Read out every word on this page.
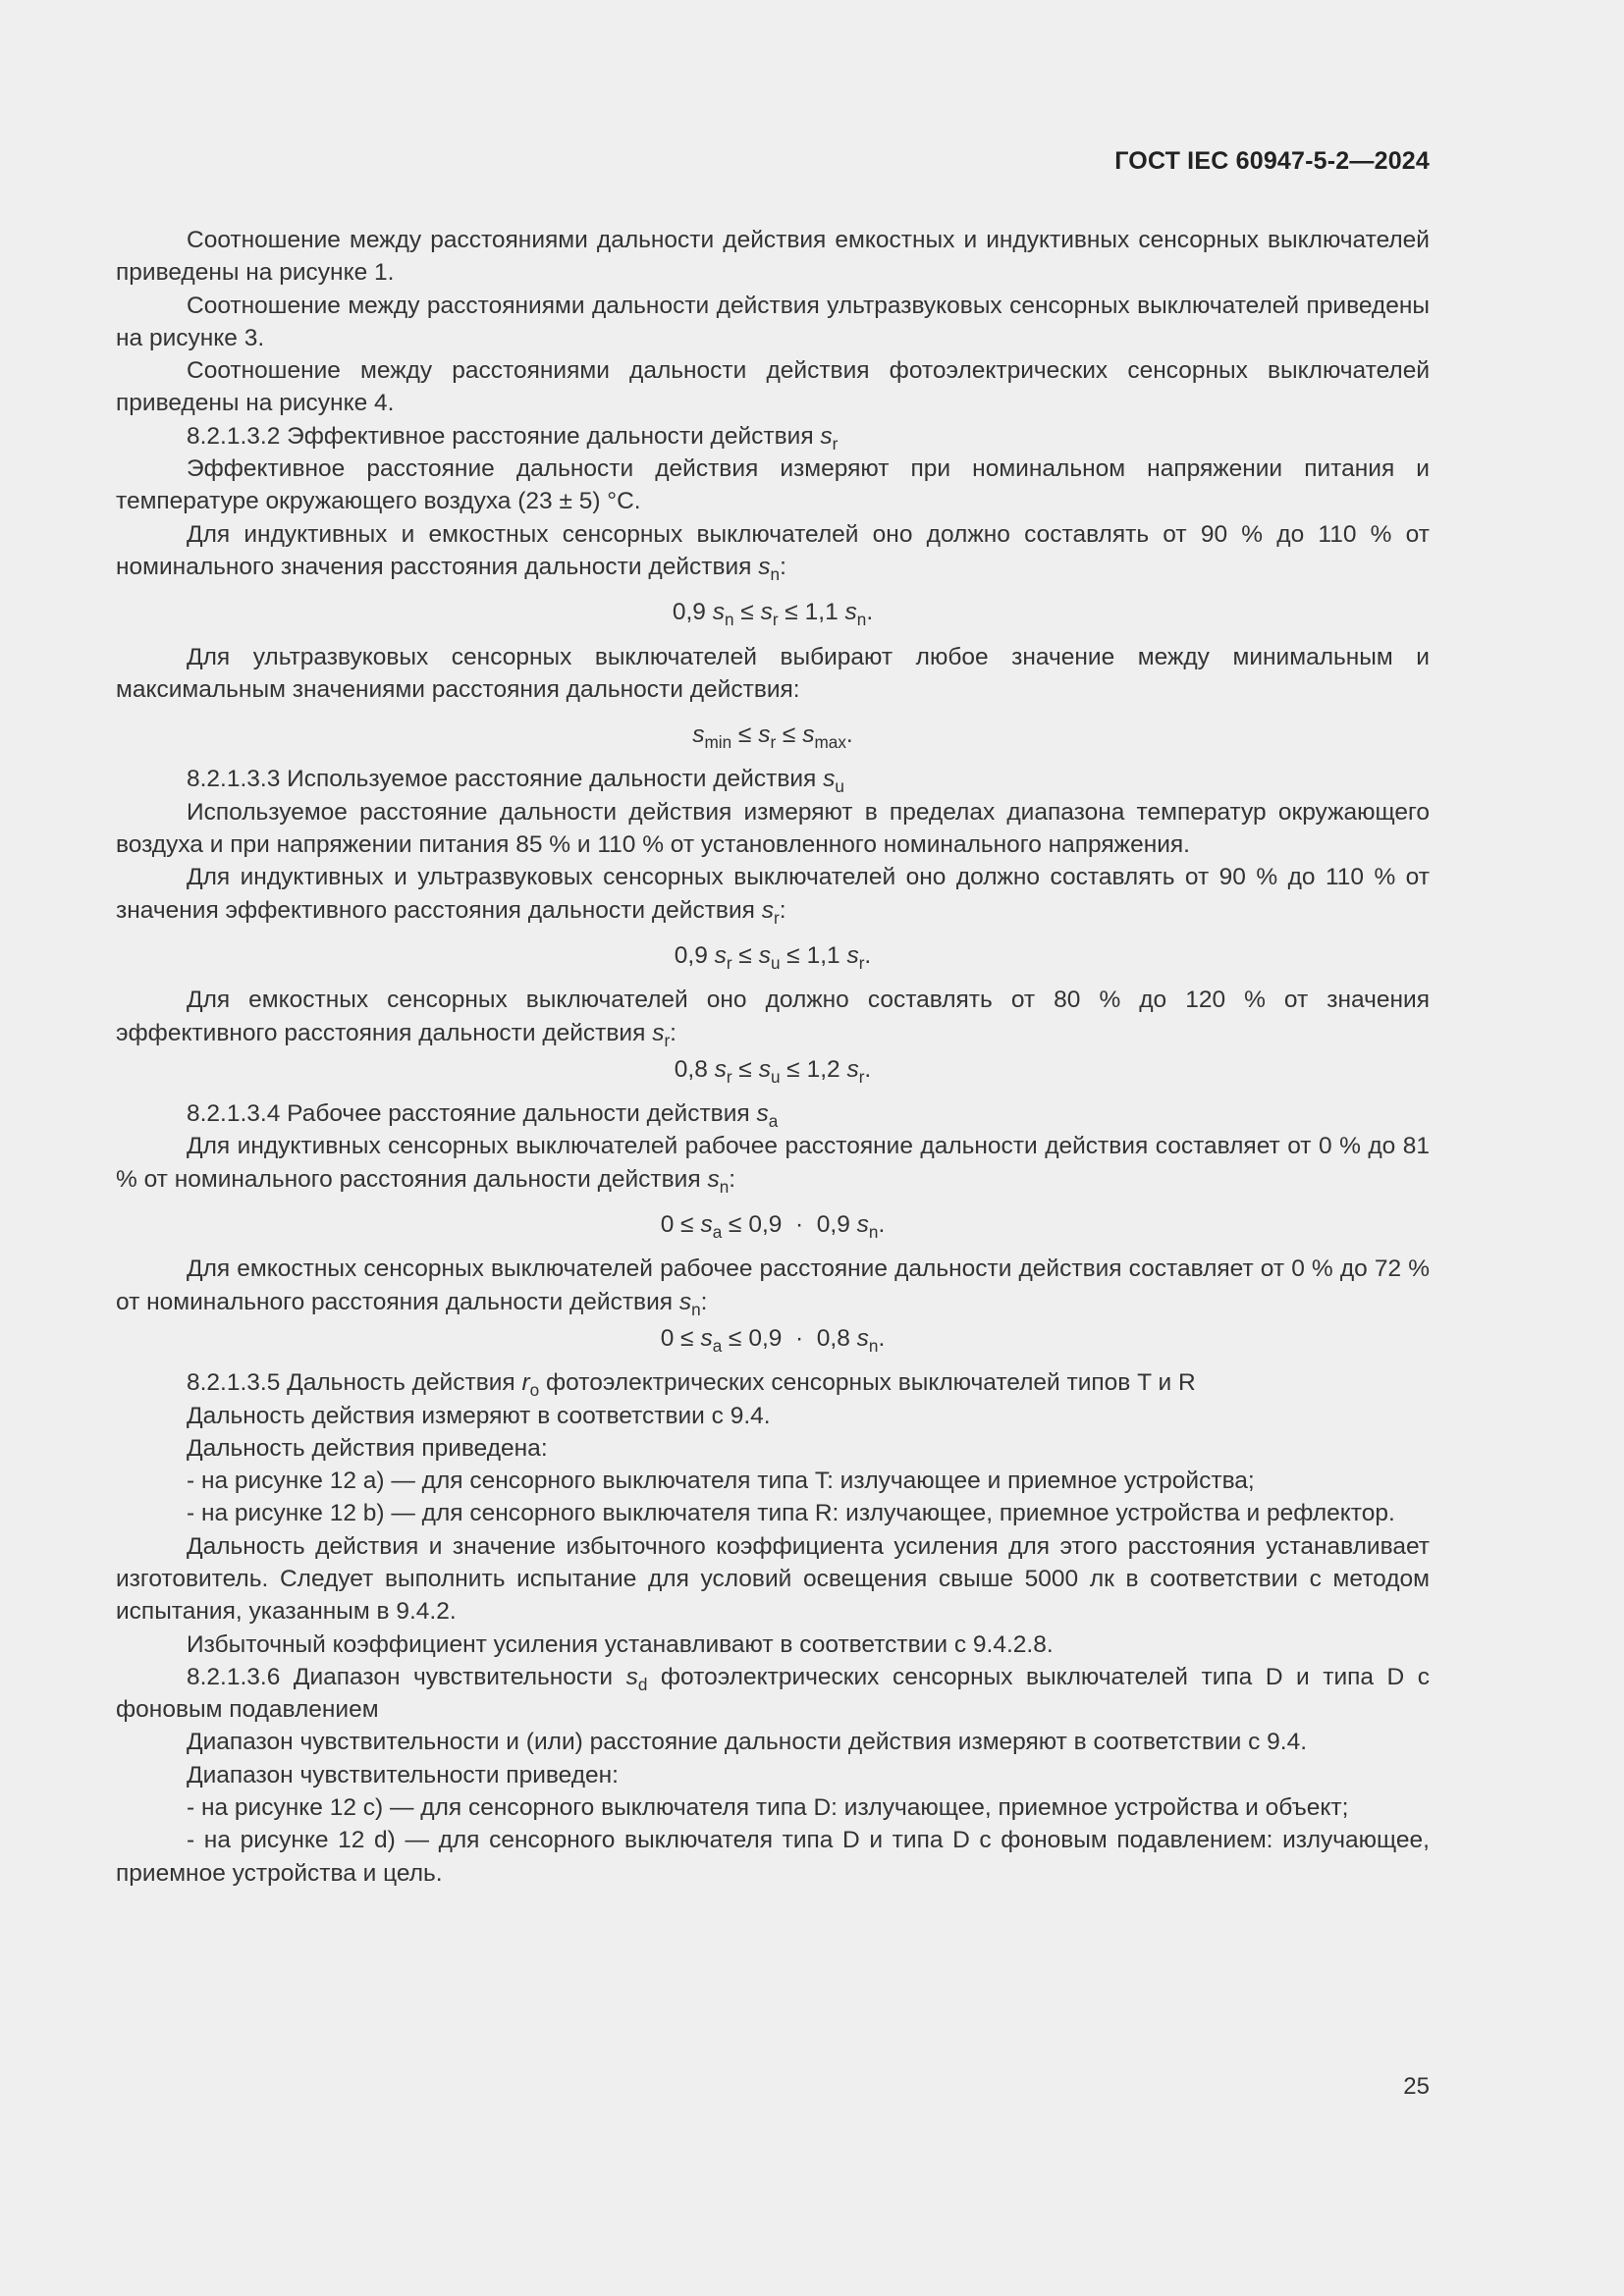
ГОСТ IEC 60947-5-2—2024

Соотношение между расстояниями дальности действия емкостных и индуктивных сенсорных выключателей приведены на рисунке 1.

Соотношение между расстояниями дальности действия ультразвуковых сенсорных выключателей приведены на рисунке 3.

Соотношение между расстояниями дальности действия фотоэлектрических сенсорных выключателей приведены на рисунке 4.

8.2.1.3.2 Эффективное расстояние дальности действия $s_r$

Эффективное расстояние дальности действия измеряют при номинальном напряжении питания и температуре окружающего воздуха (23 ± 5) °C.

Для индуктивных и емкостных сенсорных выключателей оно должно составлять от 90 % до 110 % от номинального значения расстояния дальности действия $s_n$:

0,9 $s_n \le s_r \le 1,1$ $s_n$.

Для ультразвуковых сенсорных выключателей выбирают любое значение между минимальным и максимальным значениями расстояния дальности действия:

$s_{min} \le s_r \le s_{max}$.

8.2.1.3.3 Используемое расстояние дальности действия $s_u$

Используемое расстояние дальности действия измеряют в пределах диапазона температур окружающего воздуха и при напряжении питания 85 % и 110 % от установленного номинального напряжения.

Для индуктивных и ультразвуковых сенсорных выключателей оно должно составлять от 90 % до 110 % от значения эффективного расстояния дальности действия $s_r$:

0,9 $s_r \le s_u \le 1,1$ $s_r$.

Для емкостных сенсорных выключателей оно должно составлять от 80 % до 120 % от значения эффективного расстояния дальности действия $s_r$:

0,8 $s_r \le s_u \le 1,2$ $s_r$.

8.2.1.3.4 Рабочее расстояние дальности действия $s_a$

Для индуктивных сенсорных выключателей рабочее расстояние дальности действия составляет от 0 % до 81 % от номинального расстояния дальности действия $s_n$:

$0 \le s_a \le 0,9 \cdot 0,9$ $s_n$.

Для емкостных сенсорных выключателей рабочее расстояние дальности действия составляет от 0 % до 72 % от номинального расстояния дальности действия $s_n$:

$0 \le s_a \le 0,9 \cdot 0,8$ $s_n$.

8.2.1.3.5 Дальность действия $r_o$ фотоэлектрических сенсорных выключателей типов T и R

Дальность действия измеряют в соответствии с 9.4.

Дальность действия приведена:

- на рисунке 12 a) — для сенсорного выключателя типа T: излучающее и приемное устройства;

- на рисунке 12 b) — для сенсорного выключателя типа R: излучающее, приемное устройства и рефлектор.

Дальность действия и значение избыточного коэффициента усиления для этого расстояния устанавливает изготовитель. Следует выполнить испытание для условий освещения свыше 5000 лк в соответствии с методом испытания, указанным в 9.4.2.

Избыточный коэффициент усиления устанавливают в соответствии с 9.4.2.8.

8.2.1.3.6 Диапазон чувствительности $s_d$ фотоэлектрических сенсорных выключателей типа D и типа D с фоновым подавлением

Диапазон чувствительности и (или) расстояние дальности действия измеряют в соответствии с 9.4.

Диапазон чувствительности приведен:

- на рисунке 12 c) — для сенсорного выключателя типа D: излучающее, приемное устройства и объект;

- на рисунке 12 d) — для сенсорного выключателя типа D и типа D с фоновым подавлением: излучающее, приемное устройства и цель.

25
